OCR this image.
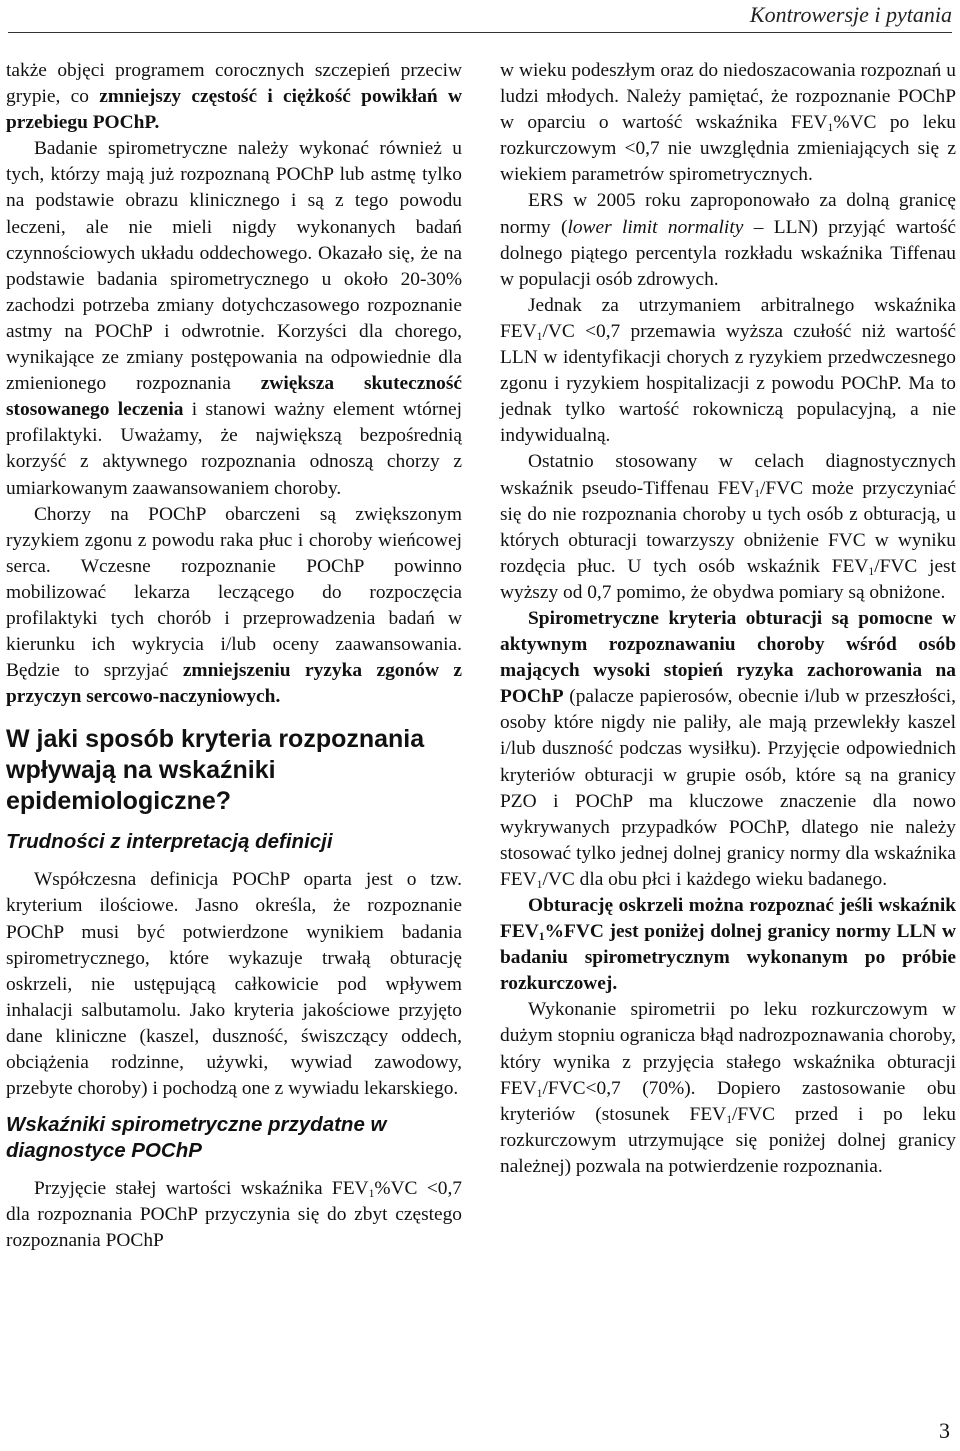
Kontrowersje i pytania

także objęci programem corocznych szczepień przeciw grypie, co zmniejszy częstość i ciężkość powikłań w przebiegu POChP.

Badanie spirometryczne należy wykonać również u tych, którzy mają już rozpoznaną POChP lub astmę tylko na podstawie obrazu klinicznego i są z tego powodu leczeni, ale nie mieli nigdy wykonanych badań czynnościowych układu oddechowego. Okazało się, że na podstawie badania spirometrycznego u około 20-30% zachodzi potrzeba zmiany dotychczasowego rozpoznanie astmy na POChP i odwrotnie. Korzyści dla chorego, wynikające ze zmiany postępowania na odpowiednie dla zmienionego rozpoznania zwiększa skuteczność stosowanego leczenia i stanowi ważny element wtórnej profilaktyki. Uważamy, że największą bezpośrednią korzyść z aktywnego rozpoznania odnoszą chorzy z umiarkowanym zaawansowaniem choroby.

Chorzy na POChP obarczeni są zwiększonym ryzykiem zgonu z powodu raka płuc i choroby wieńcowej serca. Wczesne rozpoznanie POChP powinno mobilizować lekarza leczącego do rozpoczęcia profilaktyki tych chorób i przeprowadzenia badań w kierunku ich wykrycia i/lub oceny zaawansowania. Będzie to sprzyjać zmniejszeniu ryzyka zgonów z przyczyn sercowo-naczyniowych.

W jaki sposób kryteria rozpoznania wpływają na wskaźniki epidemiologiczne?
Trudności z interpretacją definicji

Współczesna definicja POChP oparta jest o tzw. kryterium ilościowe. Jasno określa, że rozpoznanie POChP musi być potwierdzone wynikiem badania spirometrycznego, które wykazuje trwałą obturację oskrzeli, nie ustępującą całkowicie pod wpływem inhalacji salbutamolu. Jako kryteria jakościowe przyjęto dane kliniczne (kaszel, duszność, świszczący oddech, obciążenia rodzinne, używki, wywiad zawodowy, przebyte choroby) i pochodzą one z wywiadu lekarskiego.

Wskaźniki spirometryczne przydatne w diagnostyce POChP

Przyjęcie stałej wartości wskaźnika $FEV_1\%VC <0,7$ dla rozpoznania POChP przyczynia się do zbyt częstego rozpoznania POChP

w wieku podeszłym oraz do niedoszacowania rozpoznań u ludzi młodych. Należy pamiętać, że rozpoznanie POChP w oparciu o wartość wskaźnika $FEV_1\%VC$ po leku rozkurczowym <0,7 nie uwzględnia zmieniających się z wiekiem parametrów spirometrycznych.

ERS w 2005 roku zaproponowało za dolną granicę normy (lower limit normality – LLN) przyjąć wartość dolnego piątego percentyla rozkładu wskaźnika Tiffenau w populacji osób zdrowych.

Jednak za utrzymaniem arbitralnego wskaźnika $FEV_1/VC <0,7$ przemawia wyższa czułość niż wartość LLN w identyfikacji chorych z ryzykiem przedwczesnego zgonu i ryzykiem hospitalizacji z powodu POChP. Ma to jednak tylko wartość rokowniczą populacyjną, a nie indywidualną.

Ostatnio stosowany w celach diagnostycznych wskaźnik pseudo-Tiffenau $FEV_1$/FVC może przyczyniać się do nie rozpoznania choroby u tych osób z obturacją, u których obturacji towarzyszy obniżenie FVC w wyniku rozdęcia płuc. U tych osób wskaźnik $FEV_1$/FVC jest wyższy od 0,7 pomimo, że obydwa pomiary są obniżone.

Spirometryczne kryteria obturacji są pomocne w aktywnym rozpoznawaniu choroby wśród osób mających wysoki stopień ryzyka zachorowania na POChP (palacze papierosów, obecnie i/lub w przeszłości, osoby które nigdy nie paliły, ale mają przewlekły kaszel i/lub duszność podczas wysiłku). Przyjęcie odpowiednich kryteriów obturacji w grupie osób, które są na granicy PZO i POChP ma kluczowe znaczenie dla nowo wykrywanych przypadków POChP, dlatego nie należy stosować tylko jednej dolnej granicy normy dla wskaźnika $FEV_1/VC$ dla obu płci i każdego wieku badanego.

Obturację oskrzeli można rozpoznać jeśli wskaźnik $FEV_1\%FVC$ jest poniżej dolnej granicy normy LLN w badaniu spirometrycznym wykonanym po próbie rozkurczowej.

Wykonanie spirometrii po leku rozkurczowym w dużym stopniu ogranicza błąd nadrozpoznawania choroby, który wynika z przyjęcia stałego wskaźnika obturacji $FEV_1/FVC<0,7$ (70%). Dopiero zastosowanie obu kryteriów (stosunek $FEV_1$/FVC przed i po leku rozkurczowym utrzymujące się poniżej dolnej granicy należnej) pozwala na potwierdzenie rozpoznania.

3
